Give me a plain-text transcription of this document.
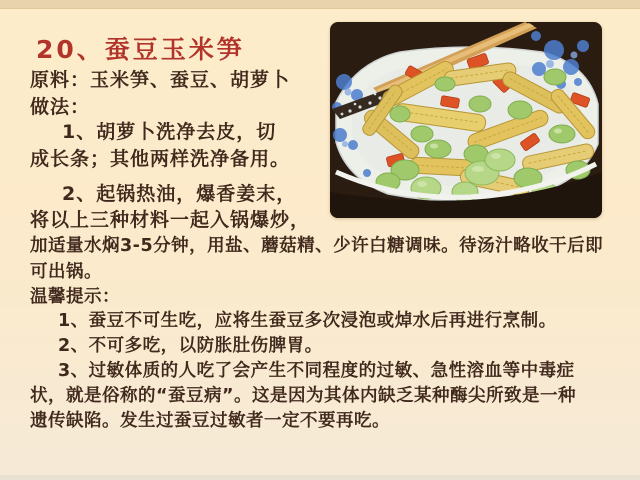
20、蚕豆玉米笋
原料：玉米笋、蚕豆、胡萝卜
做法：
1、胡萝卜洗净去皮，切
成长条；其他两样洗净备用。
2、起锅热油，爆香姜末，
将以上三种材料一起入锅爆炒，
加适量水焖3-5分钟，用盐、蘑菇精、少许白糖调味。待汤汁略收干后即
可出锅。
温馨提示：
1、蚕豆不可生吃，应将生蚕豆多次浸泡或焯水后再进行烹制。
2、不可多吃，以防胀肚伤脾胃。
3、过敏体质的人吃了会产生不同程度的过敏、急性溶血等中毒症
状，就是俗称的“蚕豆病”。这是因为其体内缺乏某种酶尖所致是一种
遗传缺陷。发生过蚕豆过敏者一定不要再吃。
